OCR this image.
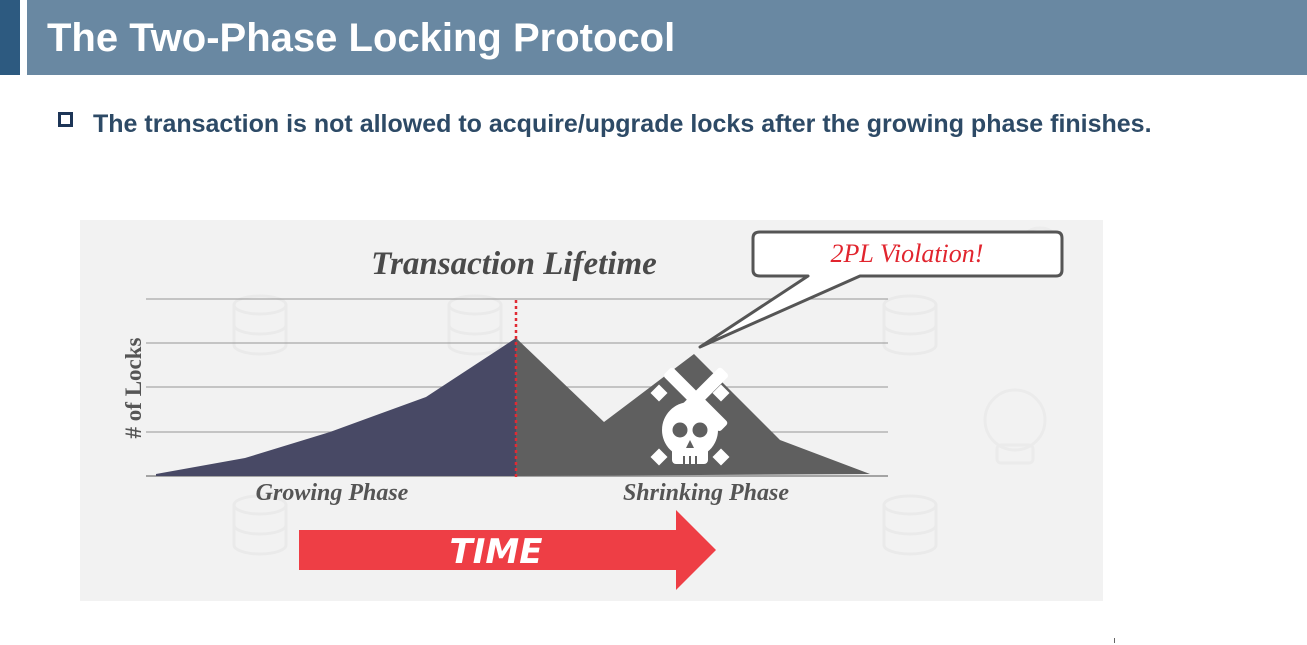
The Two-Phase Locking Protocol

The transaction is not allowed to acquire/upgrade locks after the growing phase finishes.

2PL Violation!
Transaction Lifetime
# of Locks
Growing Phase	Shrinking Phase
TIME
